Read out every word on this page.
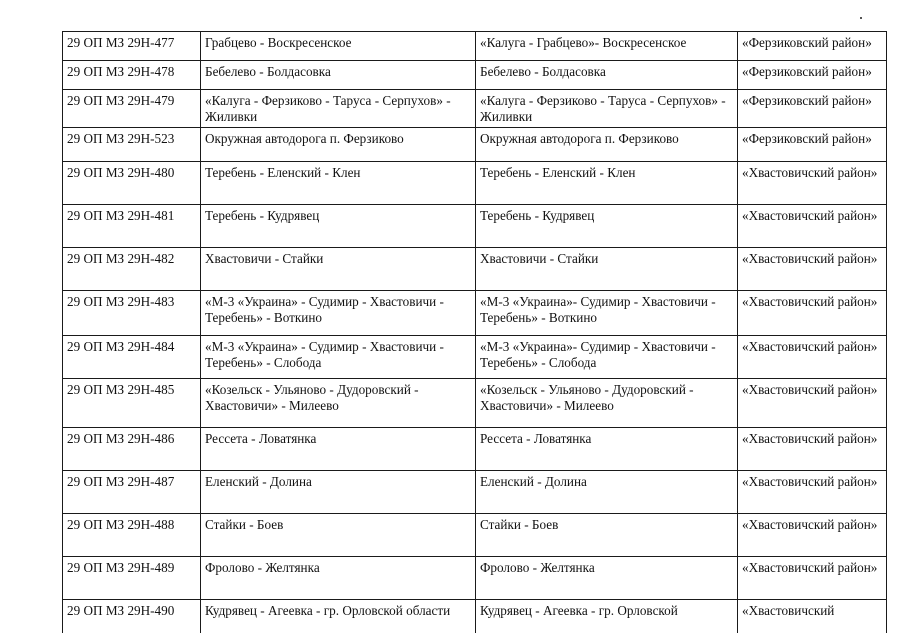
29 ОП МЗ 29Н-477	Грабцево - Воскресенское	«Калуга - Грабцево»- Воскресенское	«Ферзиковский район»
29 ОП МЗ 29Н-478	Бебелево - Болдасовка	Бебелево - Болдасовка	«Ферзиковский район»
29 ОП МЗ 29Н-479	«Калуга - Ферзиково - Таруса - Серпухов» - Жиливки	«Калуга - Ферзиково - Таруса - Серпухов» - Жиливки	«Ферзиковский район»
29 ОП МЗ 29Н-523	Окружная автодорога п. Ферзиково	Окружная автодорога п. Ферзиково	«Ферзиковский район»
29 ОП МЗ 29Н-480	Теребень - Еленский - Клен	Теребень - Еленский - Клен	«Хвастовичский район»
29 ОП МЗ 29Н-481	Теребень - Кудрявец	Теребень - Кудрявец	«Хвастовичский район»
29 ОП МЗ 29Н-482	Хвастовичи - Стайки	Хвастовичи - Стайки	«Хвастовичский район»
29 ОП МЗ 29Н-483	«М-3 «Украина» - Судимир - Хвастовичи - Теребень» - Воткино	«М-3 «Украина»- Судимир - Хвастовичи - Теребень» - Воткино	«Хвастовичский район»
29 ОП МЗ 29Н-484	«М-3 «Украина» - Судимир - Хвастовичи - Теребень» - Слобода	«М-3 «Украина»- Судимир - Хвастовичи - Теребень» - Слобода	«Хвастовичский район»
29 ОП МЗ 29Н-485	«Козельск - Ульяново - Дудоровский - Хвастовичи» - Милеево	«Козельск - Ульяново - Дудоровский - Хвастовичи» - Милеево	«Хвастовичский район»
29 ОП МЗ 29Н-486	Рессета - Ловатянка	Рессета - Ловатянка	«Хвастовичский район»
29 ОП МЗ 29Н-487	Еленский - Долина	Еленский - Долина	«Хвастовичский район»
29 ОП МЗ 29Н-488	Стайки - Боев	Стайки - Боев	«Хвастовичский район»
29 ОП МЗ 29Н-489	Фролово - Желтянка	Фролово - Желтянка	«Хвастовичский район»
29 ОП МЗ 29Н-490	Кудрявец - Агеевка - гр. Орловской области	Кудрявец - Агеевка - гр. Орловской	«Хвастовичский
